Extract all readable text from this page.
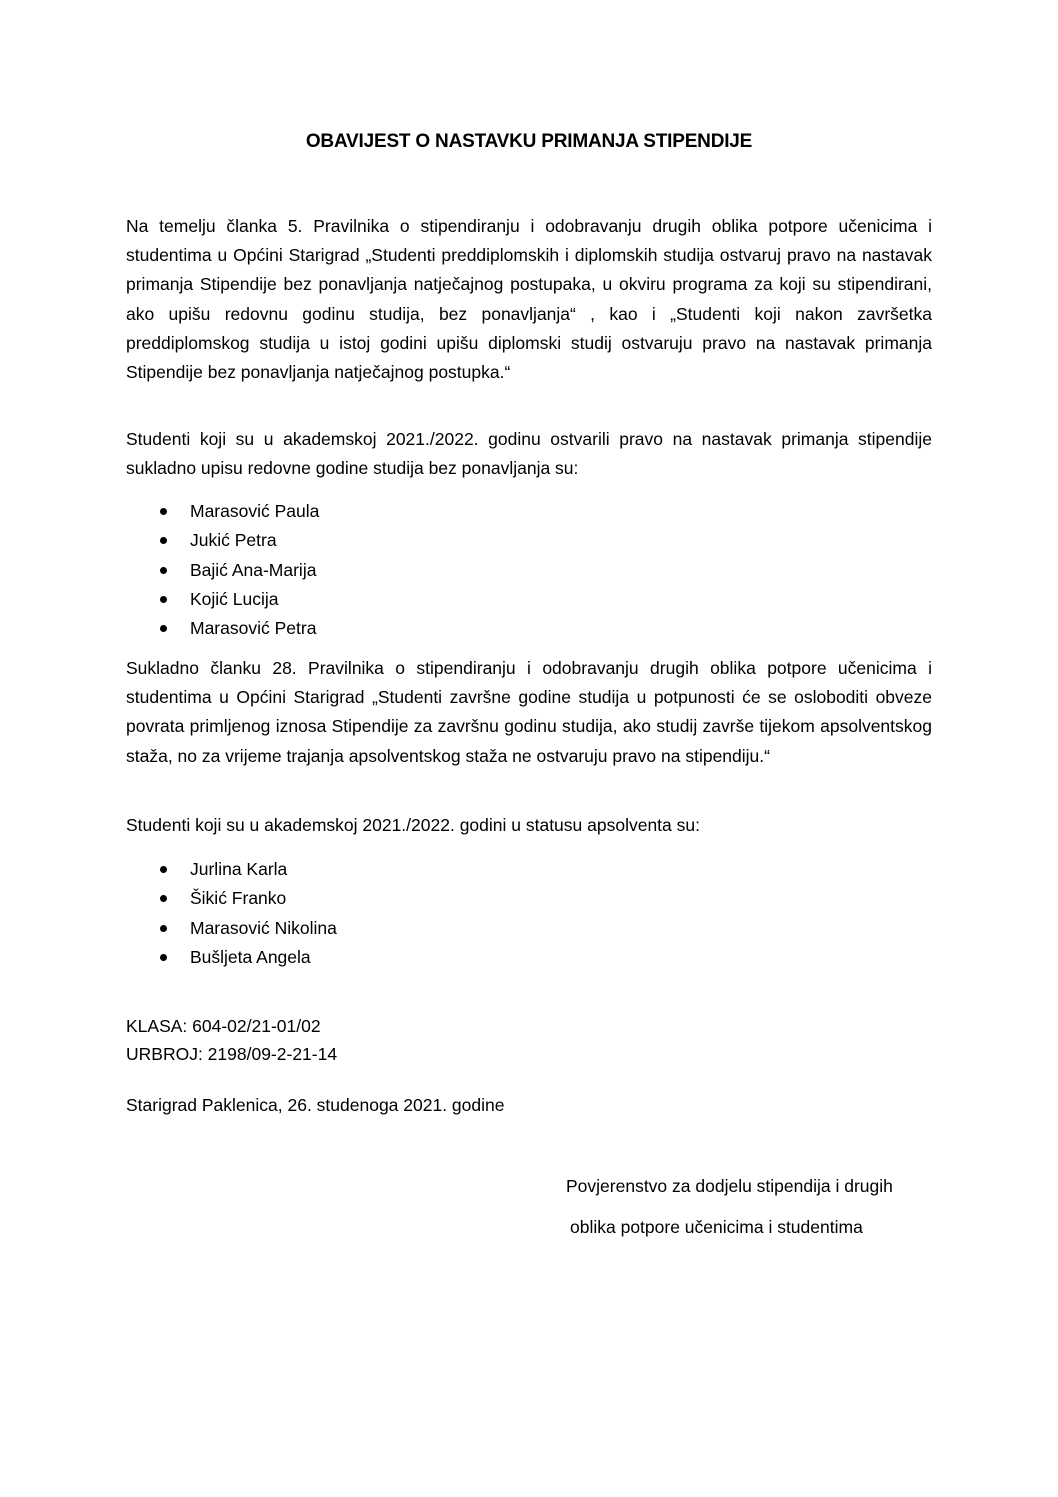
OBAVIJEST O NASTAVKU PRIMANJA STIPENDIJE

Na temelju članka 5. Pravilnika o stipendiranju i odobravanju drugih oblika potpore učenicima i studentima u Općini Starigrad „Studenti preddiplomskih i diplomskih studija ostvaruj pravo na nastavak primanja Stipendije bez ponavljanja natječajnog postupaka, u okviru programa za koji su stipendirani, ako upišu redovnu godinu studija, bez ponavljanja“ , kao i „Studenti koji nakon završetka preddiplomskog studija u istoj godini upišu diplomski studij ostvaruju pravo na nastavak primanja Stipendije bez ponavljanja natječajnog postupka.“

Studenti koji su u akademskoj 2021./2022. godinu ostvarili pravo na nastavak primanja stipendije sukladno upisu redovne godine studija bez ponavljanja su:

Marasović Paula
Jukić Petra
Bajić Ana-Marija
Kojić Lucija
Marasović Petra

Sukladno članku 28. Pravilnika o stipendiranju i odobravanju drugih oblika potpore učenicima i studentima u Općini Starigrad „Studenti završne godine studija u potpunosti će se osloboditi obveze povrata primljenog iznosa Stipendije za završnu godinu studija, ako studij završe tijekom apsolventskog staža, no za vrijeme trajanja apsolventskog staža ne ostvaruju pravo na stipendiju.“

Studenti koji su u akademskoj 2021./2022. godini u statusu apsolventa su:

Jurlina Karla
Šikić Franko
Marasović Nikolina
Bušljeta Angela
KLASA: 604-02/21-01/02
URBROJ: 2198/09-2-21-14
Starigrad Paklenica, 26. studenoga 2021. godine
Povjerenstvo za dodjelu stipendija i drugih
oblika potpore učenicima i studentima
